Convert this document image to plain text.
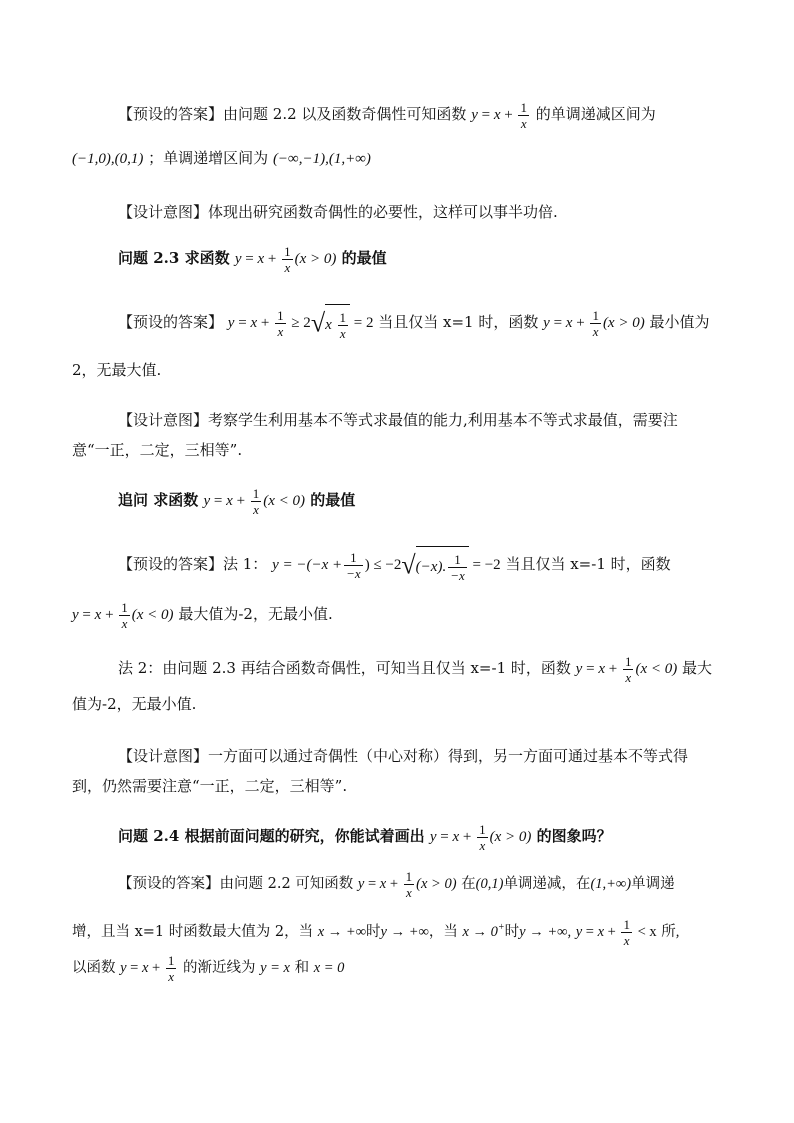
【预设的答案】由问题 2.2 以及函数奇偶性可知函数 $y = x + \frac{1}{x}$ 的单调递减区间为
(−1,0),(0,1) ；单调递增区间为 (−∞,−1),(1,+∞)
【设计意图】体现出研究函数奇偶性的必要性，这样可以事半功倍.
问题 2.3 求函数 $y = x + \frac{1}{x} (x > 0)$ 的最值
【预设的答案】 $y = x + \frac{1}{x} \ge 2√x \frac{1}{x} = 2$ 当且仅当 x=1 时，函数 $y = x + \frac{1}{x} (x > 0)$ 最小值为
2，无最大值.
【设计意图】考察学生利用基本不等式求最值的能力,利用基本不等式求最值，需要注
意“一正，二定，三相等”.
追问 求函数 $y = x + \frac{1}{x} (x < 0)$ 的最值
【预设的答案】法 1： $y = -(-x + \frac{1}{-x}$ ) ≤ −2√(−x). $\frac{1}{-x} = -2$ 当且仅当 x=-1 时，函数
$y = x + \frac{1}{x} (x < 0)$ 最大值为-2，无最小值.
法 2：由问题 2.3 再结合函数奇偶性，可知当且仅当 x=-1 时，函数 $y = x + \frac{1}{x} (x < 0)$ 最大
值为-2，无最小值.
【设计意图】一方面可以通过奇偶性（中心对称）得到，另一方面可通过基本不等式得
到，仍然需要注意“一正，二定，三相等”.
问题 2.4 根据前面问题的研究，你能试着画出 $y = x + \frac{1}{x} (x > 0)$ 的图象吗？
【预设的答案】由问题 2.2 可知函数 $y = x + \frac{1}{x} (x > 0)$ 在(0,1)单调递减，在(1,+∞)单调递
增，且当 x=1 时函数最大值为 2，当 x → +∞时y → +∞，当 x → 0+时y → +∞, $y = x + \frac{1}{x} < x$ 所,
以函数 $y = x + \frac{1}{x}$ 的渐近线为 y = x 和 x = 0
